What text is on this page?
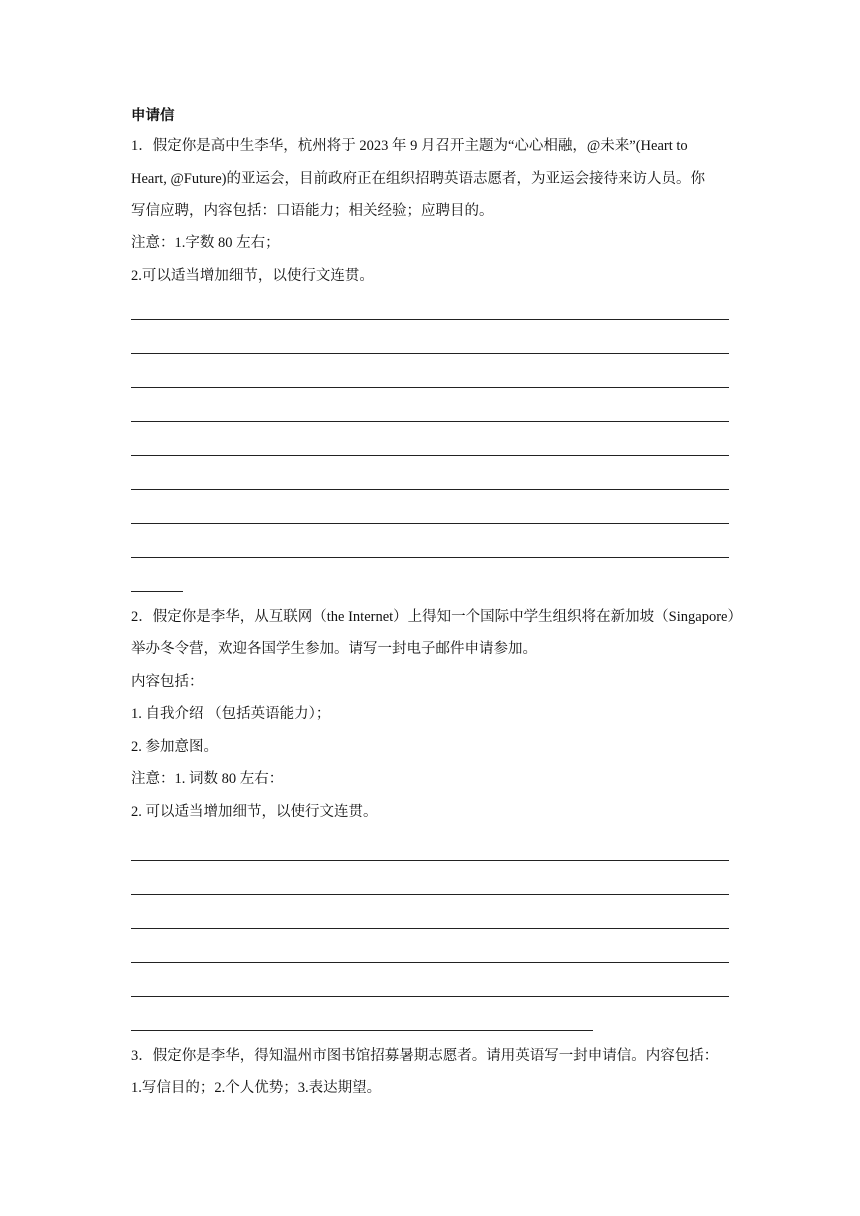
申请信
1．假定你是高中生李华，杭州将于 2023 年 9 月召开主题为“心心相融，@未来”(Heart to
Heart, @Future)的亚运会，目前政府正在组织招聘英语志愿者，为亚运会接待来访人员。你
写信应聘，内容包括：口语能力；相关经验；应聘目的。
注意：1.字数 80 左右；
2.可以适当增加细节，以使行文连贯。
2．假定你是李华，从互联网（the Internet）上得知一个国际中学生组织将在新加坡（Singapore）
举办冬令营，欢迎各国学生参加。请写一封电子邮件申请参加。
内容包括：
1. 自我介绍 （包括英语能力）；
2. 参加意图。
注意：1. 词数 80 左右：
2. 可以适当增加细节，以使行文连贯。
3．假定你是李华，得知温州市图书馆招募暑期志愿者。请用英语写一封申请信。内容包括：
1.写信目的；2.个人优势；3.表达期望。
